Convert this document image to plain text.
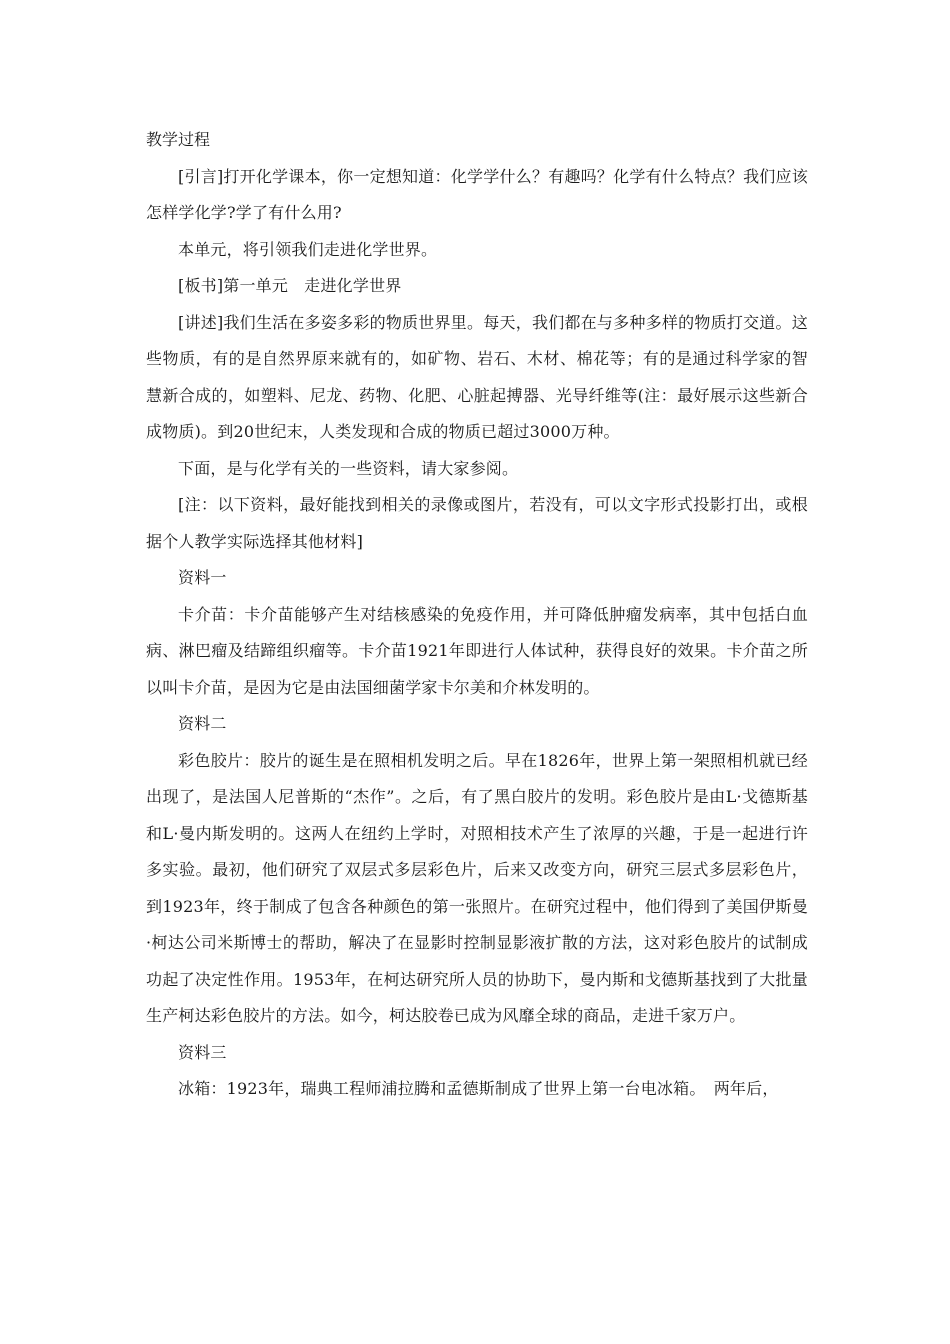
教学过程

[引言]打开化学课本，你一定想知道：化学学什么？有趣吗？化学有什么特点？我们应该怎样学化学?学了有什么用?

本单元，将引领我们走进化学世界。

[板书]第一单元　走进化学世界

[讲述]我们生活在多姿多彩的物质世界里。每天，我们都在与多种多样的物质打交道。这些物质，有的是自然界原来就有的，如矿物、岩石、木材、棉花等；有的是通过科学家的智慧新合成的，如塑料、尼龙、药物、化肥、心脏起搏器、光导纤维等(注：最好展示这些新合成物质)。到20世纪末，人类发现和合成的物质已超过3000万种。

下面，是与化学有关的一些资料，请大家参阅。

[注：以下资料，最好能找到相关的录像或图片，若没有，可以文字形式投影打出，或根据个人教学实际选择其他材料]

资料一

卡介苗：卡介苗能够产生对结核感染的免疫作用，并可降低肿瘤发病率，其中包括白血病、淋巴瘤及结蹄组织瘤等。卡介苗1921年即进行人体试种，获得良好的效果。卡介苗之所以叫卡介苗，是因为它是由法国细菌学家卡尔美和介林发明的。

资料二

彩色胶片：胶片的诞生是在照相机发明之后。早在1826年，世界上第一架照相机就已经出现了，是法国人尼普斯的“杰作”。之后，有了黑白胶片的发明。彩色胶片是由L·戈德斯基和L·曼内斯发明的。这两人在纽约上学时，对照相技术产生了浓厚的兴趣，于是一起进行许多实验。最初，他们研究了双层式多层彩色片，后来又改变方向，研究三层式多层彩色片，到1923年，终于制成了包含各种颜色的第一张照片。在研究过程中，他们得到了美国伊斯曼·柯达公司米斯博士的帮助，解决了在显影时控制显影液扩散的方法，这对彩色胶片的试制成功起了决定性作用。1953年，在柯达研究所人员的协助下，曼内斯和戈德斯基找到了大批量生产柯达彩色胶片的方法。如今，柯达胶卷已成为风靡全球的商品，走进千家万户。

资料三

冰箱：1923年，瑞典工程师浦拉腾和孟德斯制成了世界上第一台电冰箱。　两年后，
